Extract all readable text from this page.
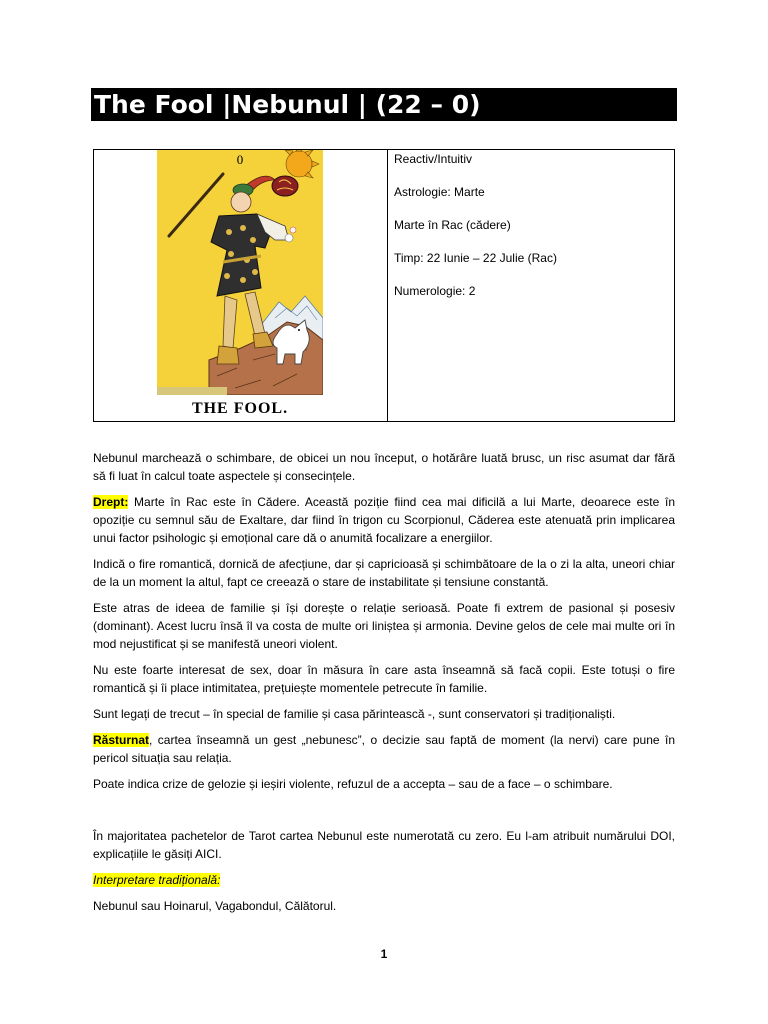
The Fool |Nebunul | (22 – 0)
0
THE FOOL.
Reactiv/Intuitiv
Astrologie: Marte
Marte în Rac (cădere)
Timp: 22 Iunie – 22 Julie (Rac)
Numerologie: 2

Nebunul marchează o schimbare, de obicei un nou început, o hotărâre luată brusc, un risc asumat dar fără să fi luat în calcul toate aspectele și consecințele.

Drept: Marte în Rac este în Cădere. Această poziție fiind cea mai dificilă a lui Marte, deoarece este în opoziție cu semnul său de Exaltare, dar fiind în trigon cu Scorpionul, Căderea este atenuată prin implicarea unui factor psihologic și emoțional care dă o anumită focalizare a energiilor.

Indică o fire romantică, dornică de afecțiune, dar și capricioasă și schimbătoare de la o zi la alta, uneori chiar de la un moment la altul, fapt ce creează o stare de instabilitate și tensiune constantă.

Este atras de ideea de familie și își dorește o relație serioasă. Poate fi extrem de pasional și posesiv (dominant). Acest lucru însă îl va costa de multe ori liniștea și armonia. Devine gelos de cele mai multe ori în mod nejustificat și se manifestă uneori violent.

Nu este foarte interesat de sex, doar în măsura în care asta înseamnă să facă copii. Este totuși o fire romantică și îi place intimitatea, prețuiește momentele petrecute în familie.

Sunt legați de trecut – în special de familie și casa părintească -, sunt conservatori și tradiționaliști.

Răsturnat, cartea înseamnă un gest „nebunesc”, o decizie sau faptă de moment (la nervi) care pune în pericol situația sau relația.

Poate indica crize de gelozie și ieșiri violente, refuzul de a accepta – sau de a face – o schimbare.

În majoritatea pachetelor de Tarot cartea Nebunul este numerotată cu zero. Eu l-am atribuit numărului DOI, explicațiile le găsiți AICI.

Interpretare tradițională:

Nebunul sau Hoinarul, Vagabondul, Călătorul.

1
